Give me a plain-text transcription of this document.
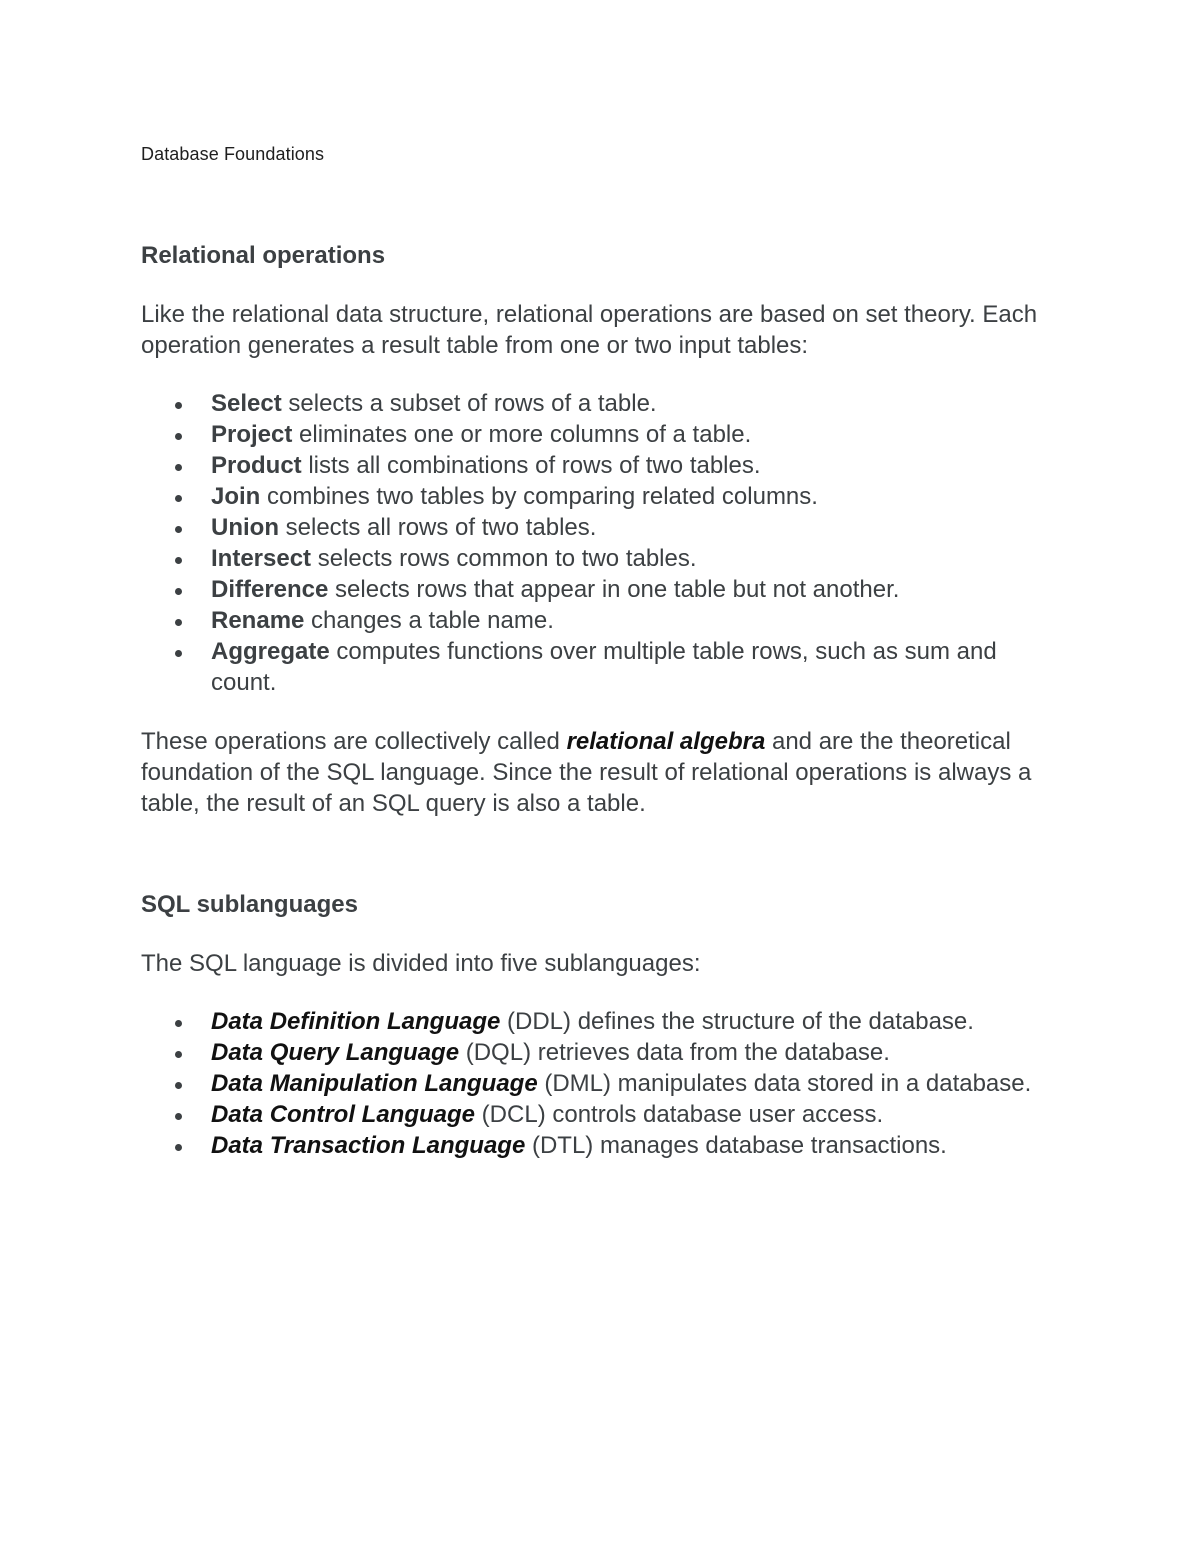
Database Foundations
Relational operations

Like the relational data structure, relational operations are based on set theory. Each operation generates a result table from one or two input tables:

Select selects a subset of rows of a table.
Project eliminates one or more columns of a table.
Product lists all combinations of rows of two tables.
Join combines two tables by comparing related columns.
Union selects all rows of two tables.
Intersect selects rows common to two tables.
Difference selects rows that appear in one table but not another.
Rename changes a table name.
Aggregate computes functions over multiple table rows, such as sum and count.

These operations are collectively called relational algebra and are the theoretical foundation of the SQL language. Since the result of relational operations is always a table, the result of an SQL query is also a table.

SQL sublanguages

The SQL language is divided into five sublanguages:

Data Definition Language (DDL) defines the structure of the database.
Data Query Language (DQL) retrieves data from the database.
Data Manipulation Language (DML) manipulates data stored in a database.
Data Control Language (DCL) controls database user access.
Data Transaction Language (DTL) manages database transactions.
